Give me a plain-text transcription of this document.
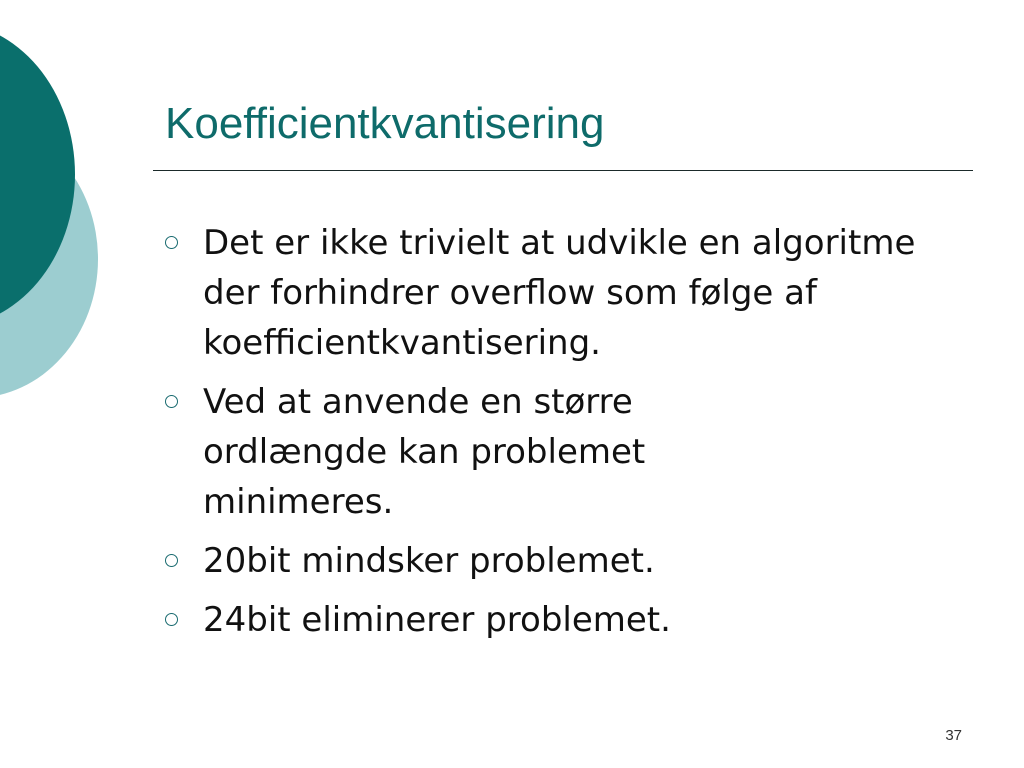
Koefficientkvantisering
Det er ikke trivielt at udvikle en algoritme der forhindrer overflow som følge af koefficientkvantisering.
Ved at anvende en større ordlængde kan problemet minimeres.
20bit mindsker problemet.
24bit eliminerer problemet.
37
